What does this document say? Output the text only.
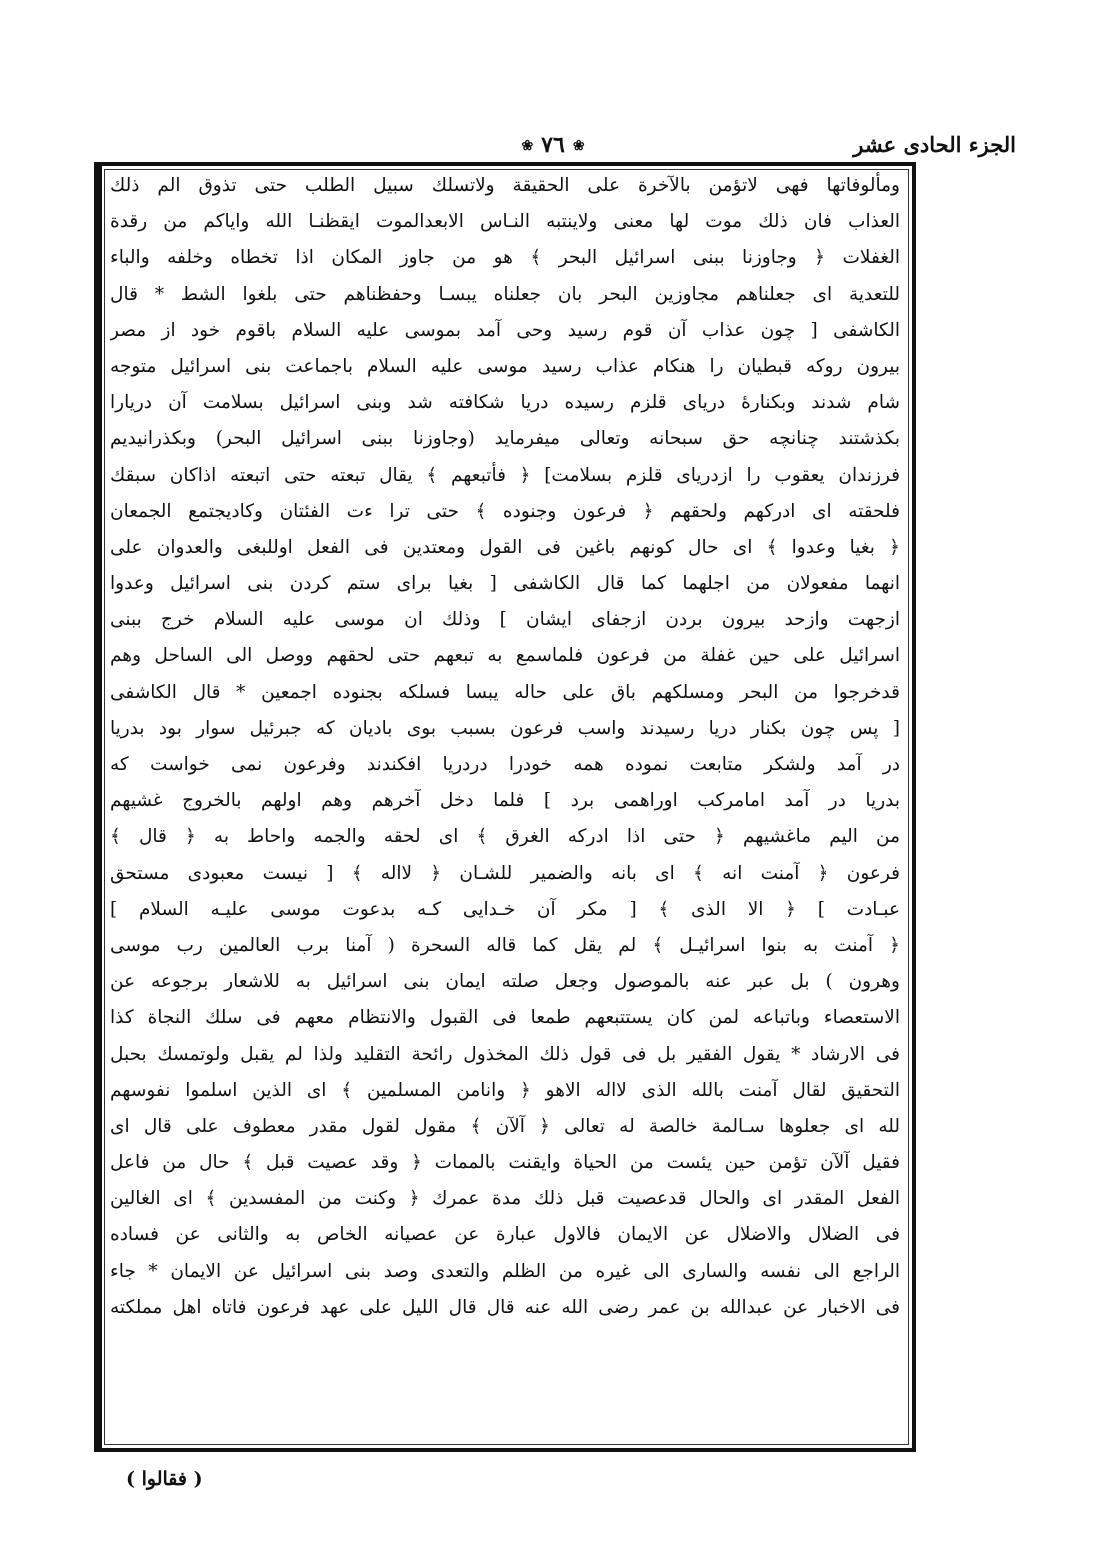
الجزء الحادى عشر
❀٧٦❀
ومألوفاتها فهى لاتؤمن بالآخرة على الحقيقة ولاتسلك سبيل الطلب حتى تذوق الم ذلك
العذاب فان ذلك موت لها معنى ولاينتبه النـاس الابعدالموت ايقظنـا الله واياكم من رقدة
الغفلات ﴿ وجاوزنا ببنى اسرائيل البحر ﴾ هو من جاوز المكان اذا تخطاه وخلفه والباء
للتعدية اى جعلناهم مجاوزين البحر بان جعلناه يبسـا وحفظناهم حتى بلغوا الشط * قال
الكاشفى [ چون عذاب آن قوم رسيد وحى آمد بموسى عليه السلام باقوم خود از مصر
بيرون روكه قبطيان را هنكام عذاب رسيد موسى عليه السلام باجماعت بنى اسرائيل متوجه
شام شدند وبكنارهٔ درياى قلزم رسيده دريا شكافته شد وبنى اسرائيل بسلامت آن دريارا
بكذشتند چنانچه حق سبحانه وتعالى ميفرمايد (وجاوزنا ببنى اسرائيل البحر) وبكذرانيديم
فرزندان يعقوب را ازدرياى قلزم بسلامت] ﴿ فأتبعهم ﴾ يقال تبعته حتى اتبعته اذاكان سبقك
فلحقته اى ادركهم ولحقهم ﴿ فرعون وجنوده ﴾ حتى ترا ءت الفئتان وكاديجتمع الجمعان
﴿ بغيا وعدوا ﴾ اى حال كونهم باغين فى القول ومعتدين فى الفعل اوللبغى والعدوان على
انهما مفعولان من اجلهما كما قال الكاشفى [ بغيا براى ستم كردن بنى اسرائيل وعدوا
ازجهت وازحد بيرون بردن ازجفاى ايشان ] وذلك ان موسى عليه السلام خرج ببنى
اسرائيل على حين غفلة من فرعون فلماسمع به تبعهم حتى لحقهم ووصل الى الساحل وهم
قدخرجوا من البحر ومسلكهم باق على حاله يبسا فسلكه بجنوده اجمعين * قال الكاشفى
[ پس چون بكنار دريا رسيدند واسب فرعون بسبب بوى باديان كه جبرئيل سوار بود بدريا
در آمد ولشكر متابعت نموده همه خودرا دردريا افكندند وفرعون نمى خواست كه
بدريا در آمد امامركب اوراهمى برد ] فلما دخل آخرهم وهم اولهم بالخروج غشيهم
من اليم ماغشيهم ﴿ حتى اذا ادركه الغرق ﴾ اى لحقه والجمه واحاط به ﴿ قال ﴾
فرعون ﴿ آمنت انه ﴾ اى بانه والضمير للشـان ﴿ لااله ﴾ [ نيست معبودى مستحق
عبـادت ] ﴿ الا الذى ﴾ [ مكر آن خـدايى كـه بدعوت موسى عليـه السلام ]
﴿ آمنت به بنوا اسرائيـل ﴾ لم يقل كما قاله السحرة ( آمنا برب العالمين رب موسى
وهرون ) بل عبر عنه بالموصول وجعل صلته ايمان بنى اسرائيل به للاشعار برجوعه عن
الاستعصاء وباتباعه لمن كان يستتبعهم طمعا فى القبول والانتظام معهم فى سلك النجاة كذا
فى الارشاد * يقول الفقير بل فى قول ذلك المخذول رائحة التقليد ولذا لم يقبل ولوتمسك بحبل
التحقيق لقال آمنت بالله الذى لااله الاهو ﴿ وانامن المسلمين ﴾ اى الذين اسلموا نفوسهم
لله اى جعلوها سـالمة خالصة له تعالى ﴿ آلآن ﴾ مقول لقول مقدر معطوف على قال اى
فقيل آلآن تؤمن حين يئست من الحياة وايقنت بالممات ﴿ وقد عصيت قبل ﴾ حال من فاعل
الفعل المقدر اى والحال قدعصيت قبل ذلك مدة عمرك ﴿ وكنت من المفسدين ﴾ اى الغالين
فى الضلال والاضلال عن الايمان فالاول عبارة عن عصيانه الخاص به والثانى عن فساده
الراجع الى نفسه والسارى الى غيره من الظلم والتعدى وصد بنى اسرائيل عن الايمان * جاء
فى الاخبار عن عبدالله بن عمر رضى الله عنه قال قال الليل على عهد فرعون فاتاه اهل مملكته
( فقالوا )
